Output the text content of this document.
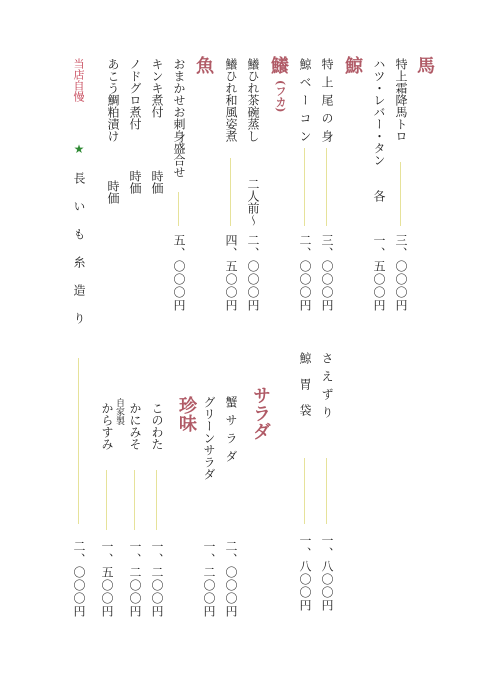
馬
鯨
鱶
(フカ)
魚
サラダ
珍味
特上霜降馬トロ
三、〇〇〇円
ハツ・レバー・タン
各
一、五〇〇円
特上尾の身
三、〇〇〇円
鯨ベーコン
二、〇〇〇円
さえずり
一、八〇〇円
鯨胃袋
一、八〇〇円
鱶ひれ茶碗蒸し
二人前〜
二、〇〇〇円
鱶ひれ和風姿煮
四、五〇〇円
おまかせお刺身盛合せ
五、〇〇〇円
キンキ煮付
時価
ノドグロ煮付
時価
あこう鯛粕漬け
時価
蟹サラダ
二、〇〇〇円
グリーンサラダ
一、二〇〇円
このわた
一、二〇〇円
かにみそ
一、二〇〇円
自家製
からすみ
一、五〇〇円
当店自慢
★
長いも糸造り
二、〇〇〇円
